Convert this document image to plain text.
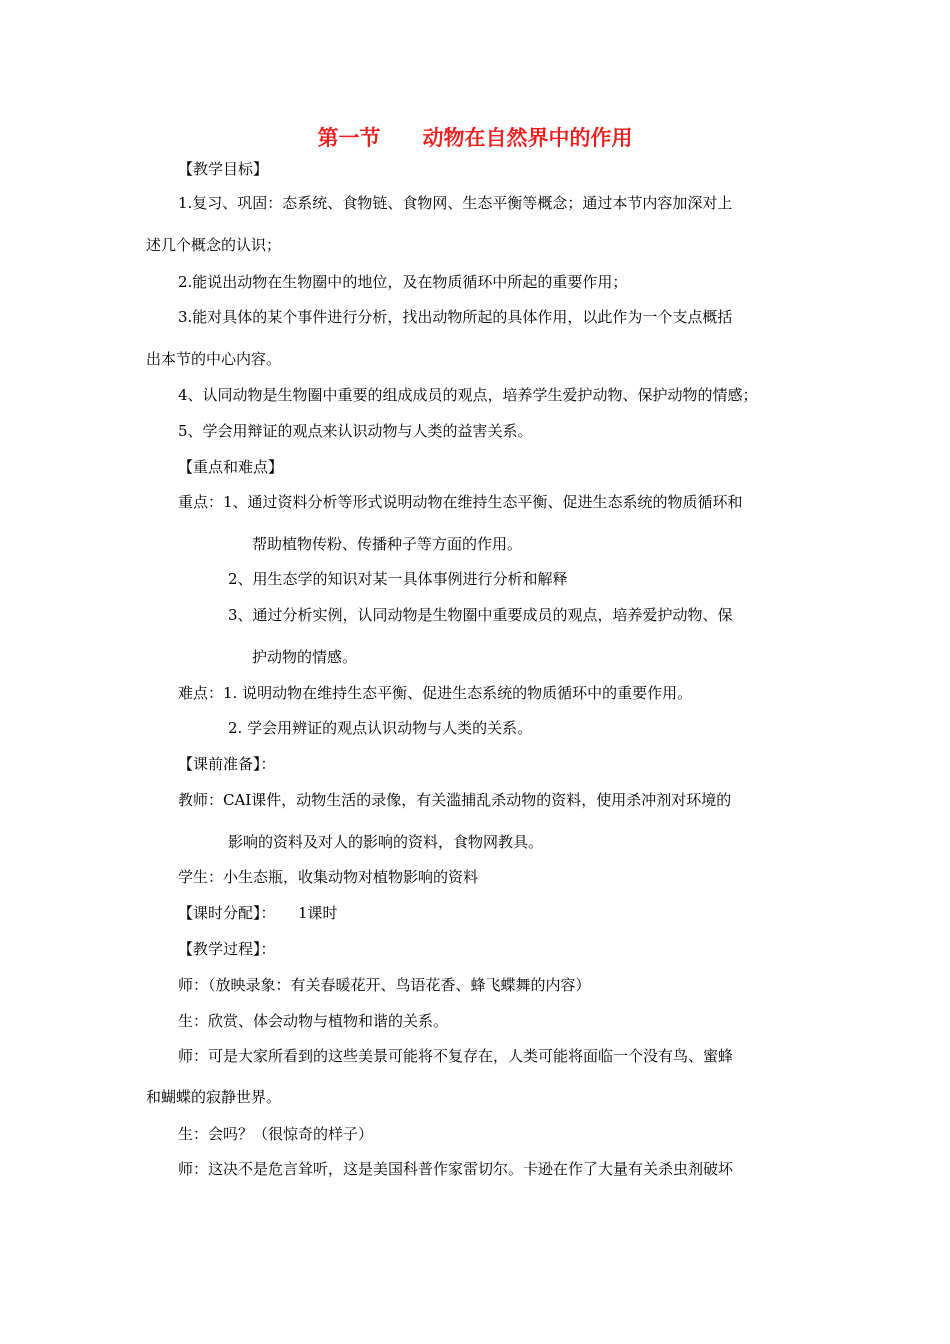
第一节　　动物在自然界中的作用

【教学目标】

1.复习、巩固：态系统、食物链、食物网、生态平衡等概念；通过本节内容加深对上

述几个概念的认识；

2.能说出动物在生物圈中的地位，及在物质循环中所起的重要作用；

3.能对具体的某个事件进行分析，找出动物所起的具体作用，以此作为一个支点概括

出本节的中心内容。

4、认同动物是生物圈中重要的组成成员的观点，培养学生爱护动物、保护动物的情感；

5、学会用辩证的观点来认识动物与人类的益害关系。

【重点和难点】

重点：1、通过资料分析等形式说明动物在维持生态平衡、促进生态系统的物质循环和

帮助植物传粉、传播种子等方面的作用。

2、用生态学的知识对某一具体事例进行分析和解释

3、通过分析实例，认同动物是生物圈中重要成员的观点，培养爱护动物、保

护动物的情感。

难点：1. 说明动物在维持生态平衡、促进生态系统的物质循环中的重要作用。

2. 学会用辨证的观点认识动物与人类的关系。

【课前准备】：

教师：CAI课件，动物生活的录像，有关滥捕乱杀动物的资料，使用杀冲剂对环境的

影响的资料及对人的影响的资料，食物网教具。

学生：小生态瓶，收集动物对植物影响的资料

【课时分配】：　　1课时

【教学过程】：

师：（放映录象：有关春暖花开、鸟语花香、蜂飞蝶舞的内容）

生：欣赏、体会动物与植物和谐的关系。

师：可是大家所看到的这些美景可能将不复存在，人类可能将面临一个没有鸟、蜜蜂

和蝴蝶的寂静世界。

生：会吗？（很惊奇的样子）

师：这决不是危言耸听，这是美国科普作家雷切尔。卡逊在作了大量有关杀虫剂破坏
